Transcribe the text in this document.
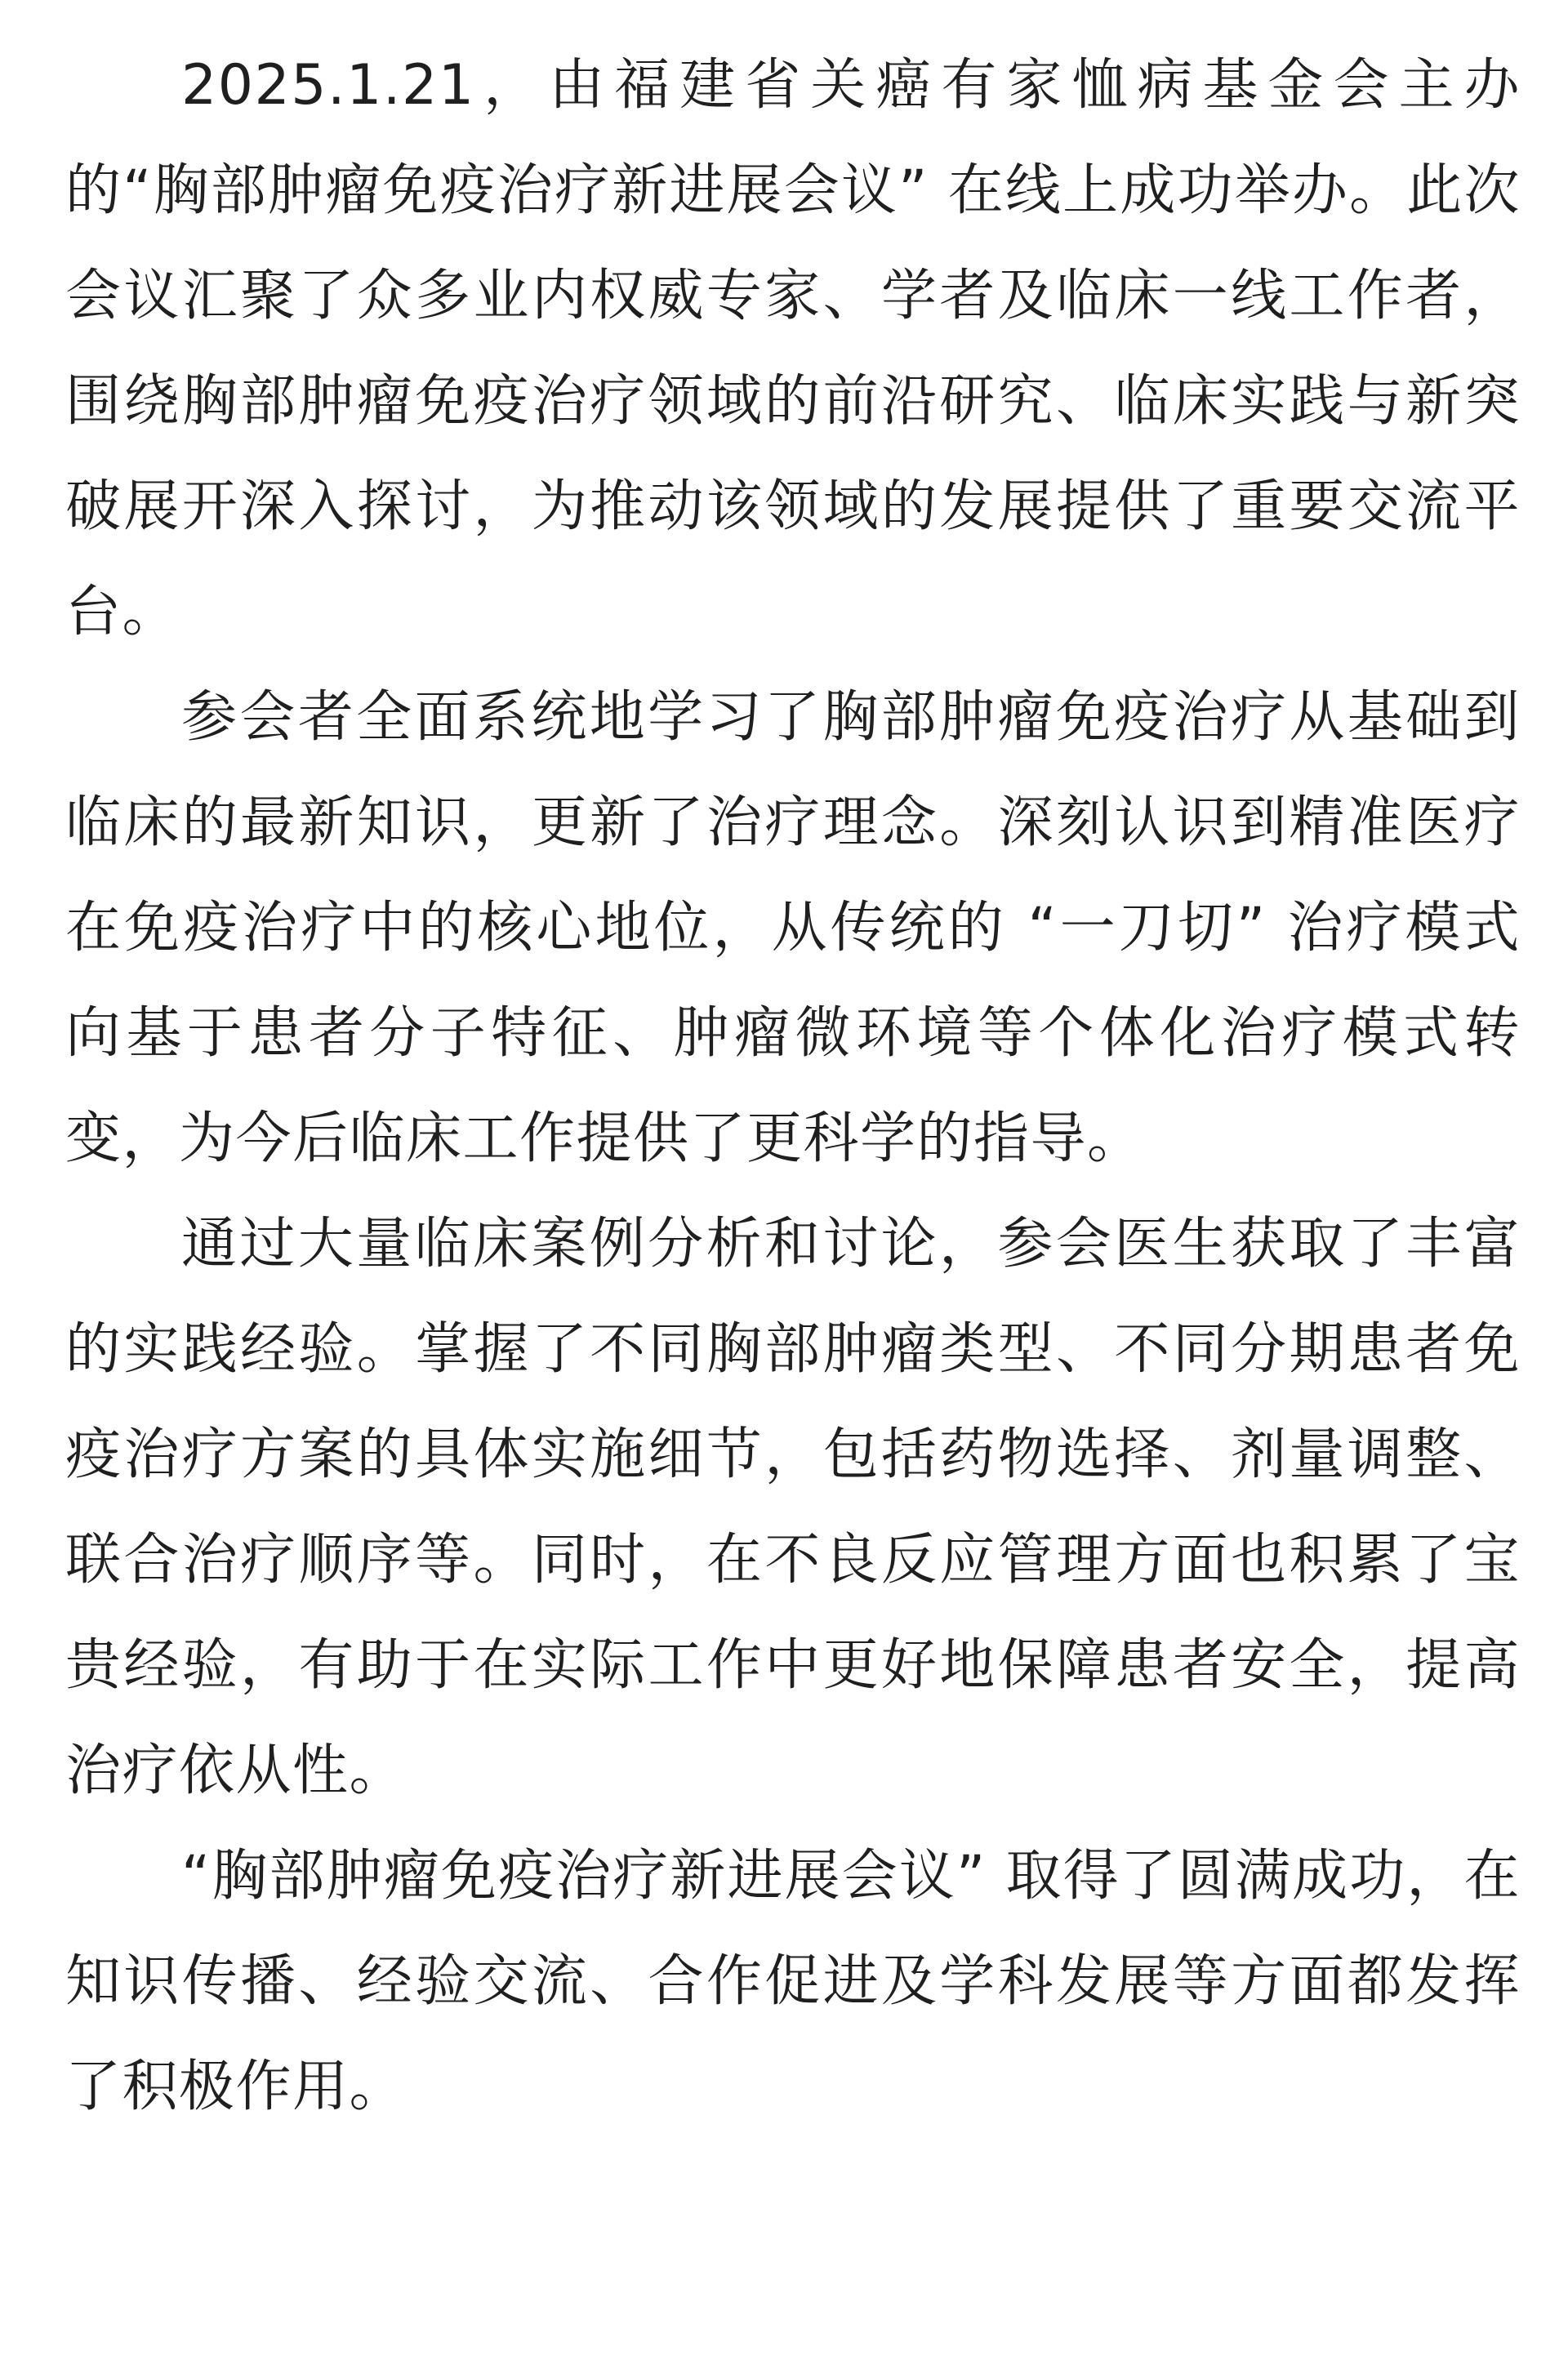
2025.1.21，由福建省关癌有家恤病基金会主办的“胸部肿瘤免疫治疗新进展会议” 在线上成功举办。此次会议汇聚了众多业内权威专家、学者及临床一线工作者，围绕胸部肿瘤免疫治疗领域的前沿研究、临床实践与新突破展开深入探讨，为推动该领域的发展提供了重要交流平台。

参会者全面系统地学习了胸部肿瘤免疫治疗从基础到临床的最新知识，更新了治疗理念。深刻认识到精准医疗在免疫治疗中的核心地位，从传统的 “一刀切” 治疗模式向基于患者分子特征、肿瘤微环境等个体化治疗模式转变，为今后临床工作提供了更科学的指导。

通过大量临床案例分析和讨论，参会医生获取了丰富的实践经验。掌握了不同胸部肿瘤类型、不同分期患者免疫治疗方案的具体实施细节，包括药物选择、剂量调整、联合治疗顺序等。同时，在不良反应管理方面也积累了宝贵经验，有助于在实际工作中更好地保障患者安全，提高治疗依从性。

“胸部肿瘤免疫治疗新进展会议” 取得了圆满成功，在知识传播、经验交流、合作促进及学科发展等方面都发挥了积极作用。
